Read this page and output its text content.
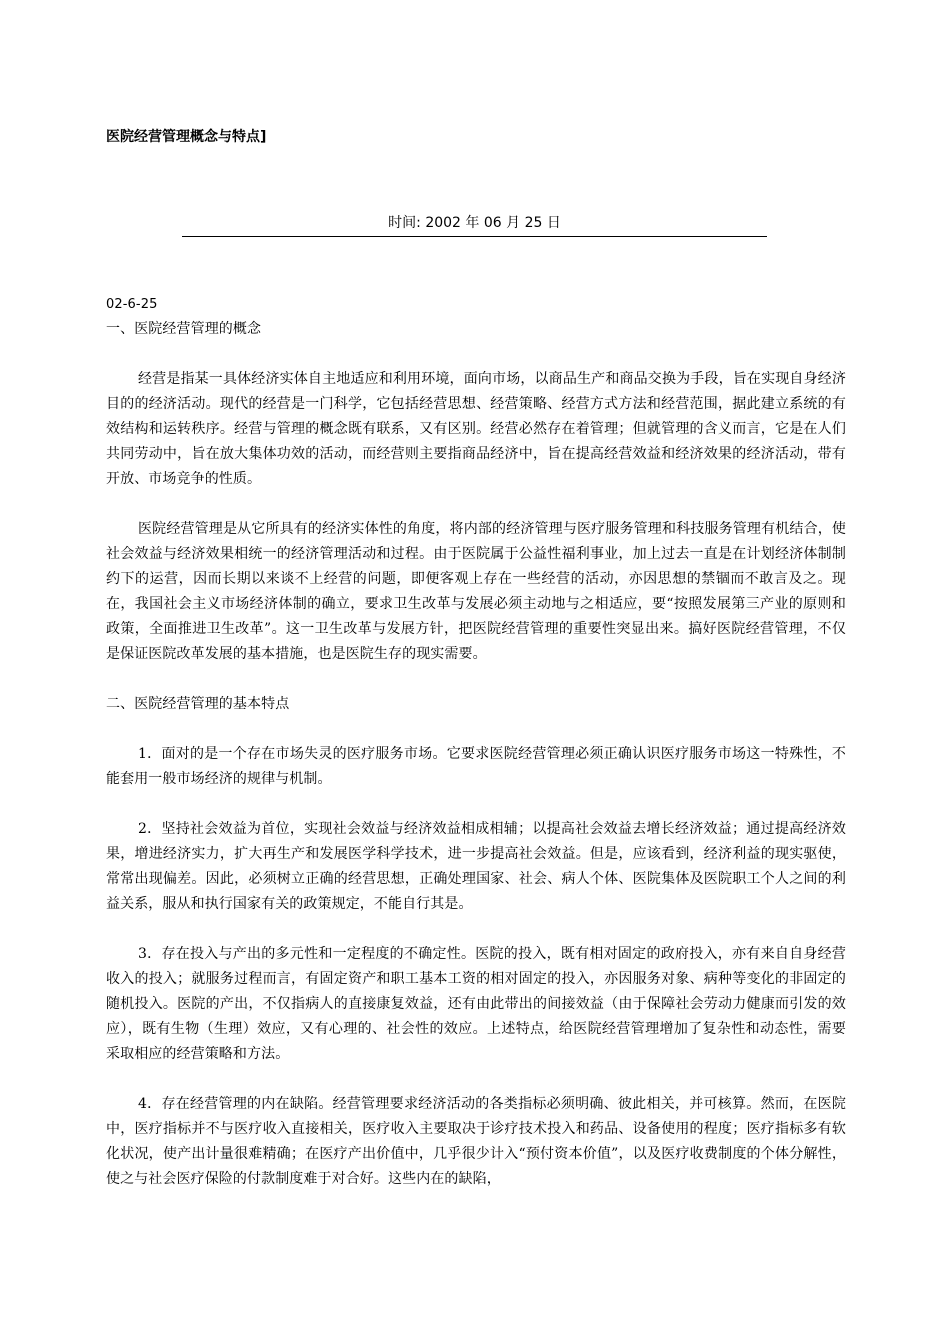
医院经营管理概念与特点]
时间: 2002 年 06 月 25 日

02-6-25

一、医院经营管理的概念

经营是指某一具体经济实体自主地适应和利用环境，面向市场，以商品生产和商品交换为手段，旨在实现自身经济目的的经济活动。现代的经营是一门科学，它包括经营思想、经营策略、经营方式方法和经营范围，据此建立系统的有效结构和运转秩序。经营与管理的概念既有联系，又有区别。经营必然存在着管理；但就管理的含义而言，它是在人们共同劳动中，旨在放大集体功效的活动，而经营则主要指商品经济中，旨在提高经营效益和经济效果的经济活动，带有开放、市场竞争的性质。

医院经营管理是从它所具有的经济实体性的角度，将内部的经济管理与医疗服务管理和科技服务管理有机结合，使社会效益与经济效果相统一的经济管理活动和过程。由于医院属于公益性福利事业，加上过去一直是在计划经济体制制约下的运营，因而长期以来谈不上经营的问题，即便客观上存在一些经营的活动，亦因思想的禁锢而不敢言及之。现在，我国社会主义市场经济体制的确立，要求卫生改革与发展必须主动地与之相适应，要“按照发展第三产业的原则和政策，全面推进卫生改革”。这一卫生改革与发展方针，把医院经营管理的重要性突显出来。搞好医院经营管理，不仅是保证医院改革发展的基本措施，也是医院生存的现实需要。

二、医院经营管理的基本特点

1．面对的是一个存在市场失灵的医疗服务市场。它要求医院经营管理必须正确认识医疗服务市场这一特殊性，不能套用一般市场经济的规律与机制。

2．坚持社会效益为首位，实现社会效益与经济效益相成相辅；以提高社会效益去增长经济效益；通过提高经济效果，增进经济实力，扩大再生产和发展医学科学技术，进一步提高社会效益。但是，应该看到，经济利益的现实驱使，常常出现偏差。因此，必须树立正确的经营思想，正确处理国家、社会、病人个体、医院集体及医院职工个人之间的利益关系，服从和执行国家有关的政策规定，不能自行其是。

3．存在投入与产出的多元性和一定程度的不确定性。医院的投入，既有相对固定的政府投入，亦有来自自身经营收入的投入；就服务过程而言，有固定资产和职工基本工资的相对固定的投入，亦因服务对象、病种等变化的非固定的随机投入。医院的产出，不仅指病人的直接康复效益，还有由此带出的间接效益（由于保障社会劳动力健康而引发的效应），既有生物（生理）效应，又有心理的、社会性的效应。上述特点，给医院经营管理增加了复杂性和动态性，需要采取相应的经营策略和方法。

4．存在经营管理的内在缺陷。经营管理要求经济活动的各类指标必须明确、彼此相关，并可核算。然而，在医院中，医疗指标并不与医疗收入直接相关，医疗收入主要取决于诊疗技术投入和药品、设备使用的程度；医疗指标多有软化状况，使产出计量很难精确；在医疗产出价值中，几乎很少计入“预付资本价值”，以及医疗收费制度的个体分解性，使之与社会医疗保险的付款制度难于对合好。这些内在的缺陷，
